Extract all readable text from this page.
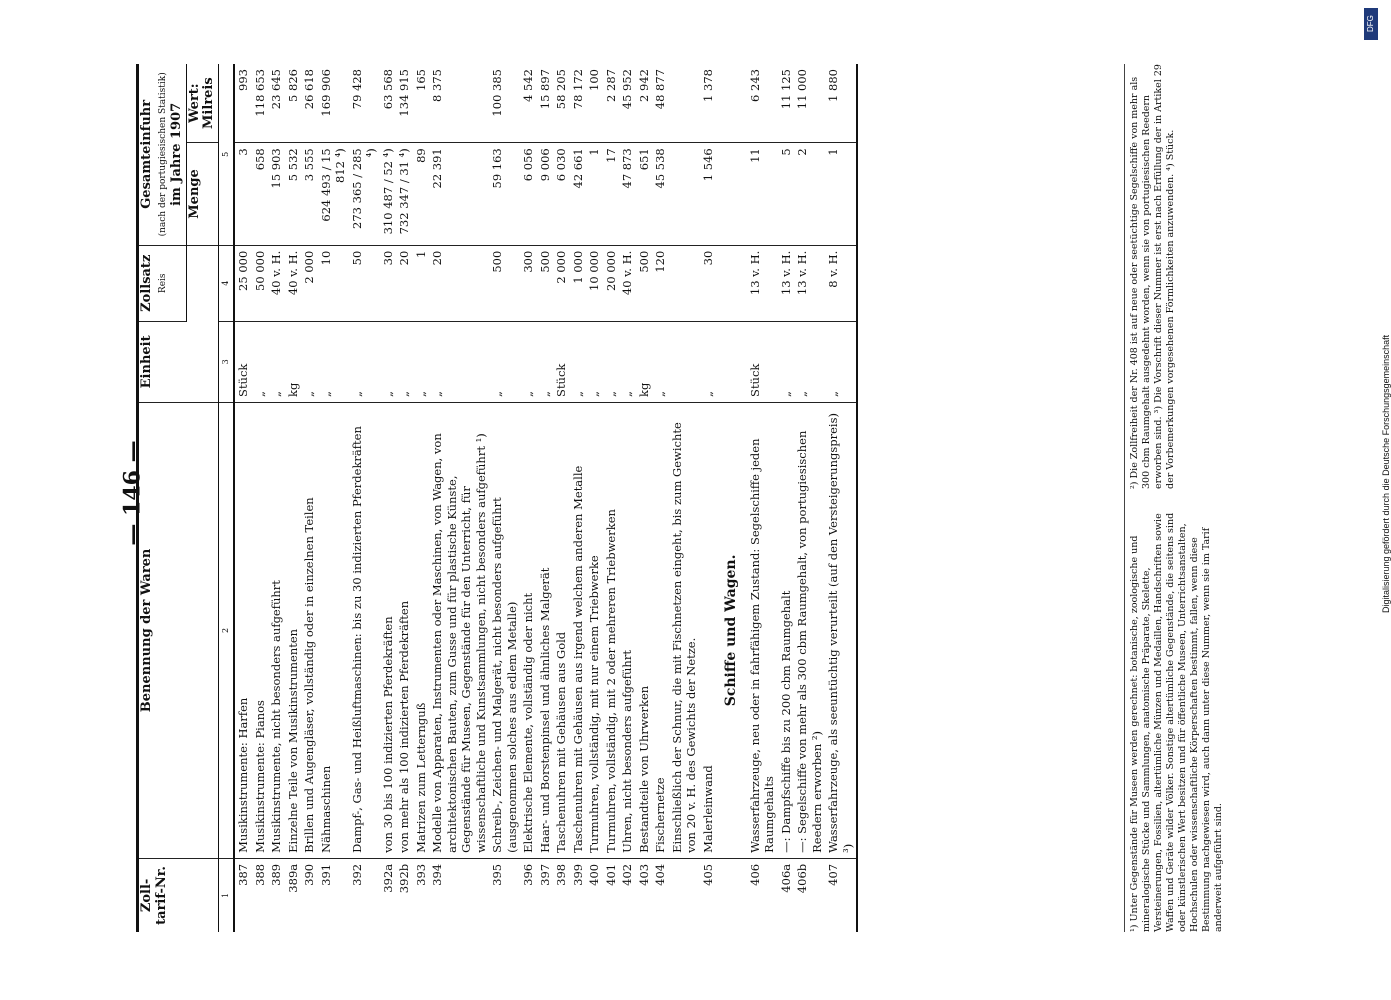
— 146 —
DFG
Digitalisierung gefördert durch die Deutsche Forschungsgemeinschaft
Zoll-tarif-Nr.	Benennung der Waren	Einheit	Zollsatz Reis	Gesamteinfuhr (nach der portugiesischen Statistik) im Jahre 1907	
				Menge	Wert: Milreis
1	2	3	4	5	
387	Musikinstrumente: Harfen	Stück	25 000	3	993
388	Musikinstrumente: Pianos	„	50 000	658	118 653
389	Musikinstrumente, nicht besonders aufgeführt	„	40 v. H.	15 903	23 645
389a	Einzelne Teile von Musikinstrumenten	kg	40 v. H.	5 532	5 826
390	Brillen und Augengläser, vollständig oder in einzelnen Teilen	„	2 000	3 555	26 618
391	Nähmaschinen	„	10	624 493 / 15 812 ⁴)	169 906
392	Dampf-, Gas- und Heißluftmaschinen: bis zu 30 indizierten Pferdekräften	„	50	273 365 / 285 ⁴)	79 428
392a	von 30 bis 100 indizierten Pferdekräften	„	30	310 487 / 52 ⁴)	63 568
392b	von mehr als 100 indizierten Pferdekräften	„	20	732 347 / 31 ⁴)	134 915
393	Matrizen zum Letternguß	„	1	89	165
394	Modelle von Apparaten, Instrumenten oder Maschinen, von Wagen, von architektonischen Bauten, zum Gusse und für plastische Künste, Gegenstände für Museen, Gegenstände für den Unterricht, für wissenschaftliche und Kunstsammlungen, nicht besonders aufgeführt ¹)	„	20	22 391	8 375
395	Schreib-, Zeichen- und Malgerät, nicht besonders aufgeführt (ausgenommen solches aus edlem Metalle)	„	500	59 163	100 385
396	Elektrische Elemente, vollständig oder nicht	„	300	6 056	4 542
397	Haar- und Borstenpinsel und ähnliches Malgerät	„	500	9 006	15 897
398	Taschenuhren mit Gehäusen aus Gold	Stück	2 000	6 030	58 205
399	Taschenuhren mit Gehäusen aus irgend welchem anderen Metalle	„	1 000	42 661	78 172
400	Turmuhren, vollständig, mit nur einem Triebwerke	„	10 000	1	100
401	Turmuhren, vollständig, mit 2 oder mehreren Triebwerken	„	20 000	17	2 287
402	Uhren, nicht besonders aufgeführt	„	40 v. H.	47 873	45 952
403	Bestandteile von Uhrwerken	kg	500	651	2 942
404	Fischernetze	„	120	45 538	48 877
	Einschließlich der Schnur, die mit Fischnetzen eingeht, bis zum Gewichte von 20 v. H. des Gewichts der Netze.				
405	Malerleinwand	„	30	1 546	1 378
	Schiffe und Wagen.				
406	Wasserfahrzeuge, neu oder in fahrfähigem Zustand: Segelschiffe jeden Raumgehalts	Stück	13 v. H.	11	6 243
406a	—: Dampfschiffe bis zu 200 cbm Raumgehalt	„	13 v. H.	5	11 125
406b	—: Segelschiffe von mehr als 300 cbm Raumgehalt, von portugiesischen Reedern erworben ²)	„	13 v. H.	2	11 000
407	Wasserfahrzeuge, als seeuntüchtig verurteilt (auf den Versteigerungspreis) ³)	„	8 v. H.	1	1 880
¹) Unter Gegenstände für Museen werden gerechnet: botanische, zoologische und mineralogische Stücke und Sammlungen, anatomische Präparate, Skelette, Versteinerungen, Fossilien, altertümliche Münzen und Medaillen, Handschriften sowie Waffen und Geräte wilder Völker. Sonstige altertümliche Gegenstände, die seitens sind oder künstlerischen Wert besitzen und für öffentliche Museen, Unterrichtsanstalten, Hochschulen oder wissenschaftliche Körperschaften bestimmt, fallen, wenn diese Bestimmung nachgewiesen wird, auch dann unter diese Nummer, wenn sie im Tarif anderweit aufgeführt sind.
²) Die Zollfreiheit der Nr. 408 ist auf neue oder seetüchtige Segelschiffe von mehr als 300 cbm Raumgehalt ausgedehnt worden, wenn sie von portugiesischen Reedern erworben sind. ³) Die Vorschrift dieser Nummer ist erst nach Erfüllung der in Artikel 29 der Vorbemerkungen vorgesehenen Förmlichkeiten anzuwenden. ⁴) Stück.
